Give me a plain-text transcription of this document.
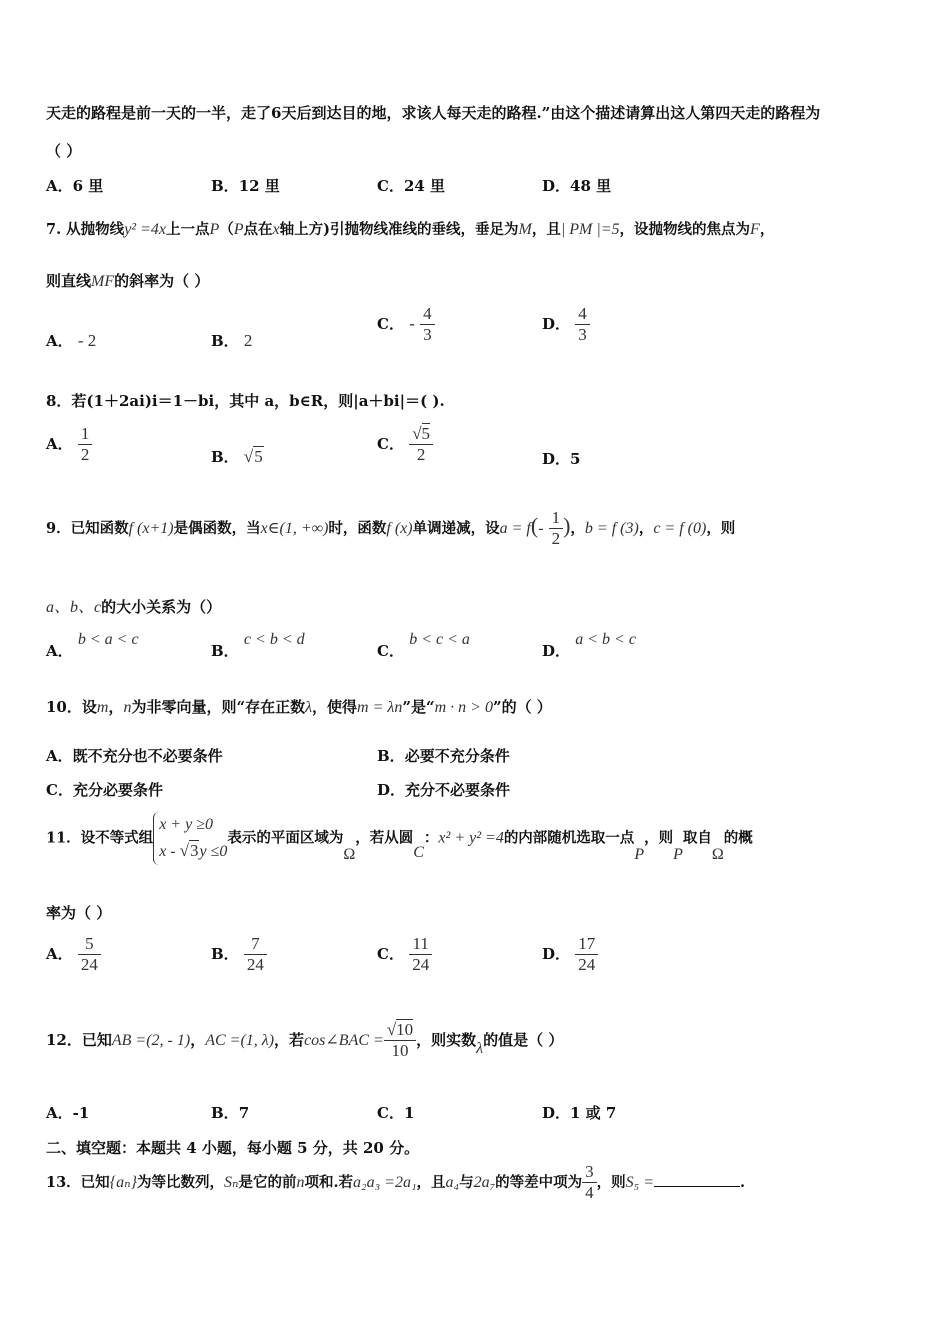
天走的路程是前一天的一半，走了6天后到达目的地，求该人每天走的路程.”由这个描述请算出这人第四天走的路程为
（ ）
A．6 里	B．12 里	C．24 里	D．48 里
7. 从抛物线y² =4x上一点P（P点在x轴上方)引抛物线准线的垂线，垂足为M，且| PM |=5，设抛物线的焦点为F，
则直线MF的斜率为（ ）
A． - 2	B． 2
C． - $\frac{4}{3}$	D． $\frac{4}{3}$
8．若(1＋2ai)i＝1－bi，其中 a，b∈R，则|a＋bi|＝( ).
A． $\frac{1}{2}$	B． √5
C． $\frac{√5}{2}$	D．5
9．已知函数f (x+1)是偶函数，当x∈(1, +∞)时，函数f (x)单调递减，设$a = f(- \frac{1}{2}$ )，b = f (3)，c = f (0)，则
a、b、c的大小关系为（）
A． b < a < c
B． c < b < d
C． b < c < a
D． a < b < c
10．设m，n为非零向量，则“存在正数λ，使得m = λn”是“m · n > 0”的（ ）
A．既不充分也不必要条件	B．必要不充分条件
C．充分必要条件	D．充分不必要条件
11．设不等式组
x + y ≥0
x - √3y ≤0
表示的平面区域为Ω，若从圆C：x² + y² =4的内部随机选取一点P，则P取自Ω的概
率为（ ）
A． $\frac{5}{24}$	B． $\frac{7}{24}$	C． $\frac{11}{24}$	D． $\frac{17}{24}$
12．已知AB =(2, - 1)，AC =(1, λ)，若cos∠BAC = $\frac{√10}{10}$ ，则实数λ的值是（ ）
A．-1	B．7	C．1	D．1 或 7
二、填空题：本题共 4 小题，每小题 5 分，共 20 分。
13．已知{aₙ}为等比数列，Sₙ是它的前n项和.若a₂a₃ =2a₁，且a₄与2a₇的等差中项为 $\frac{3}{4}$ ，则S₅ =	.
